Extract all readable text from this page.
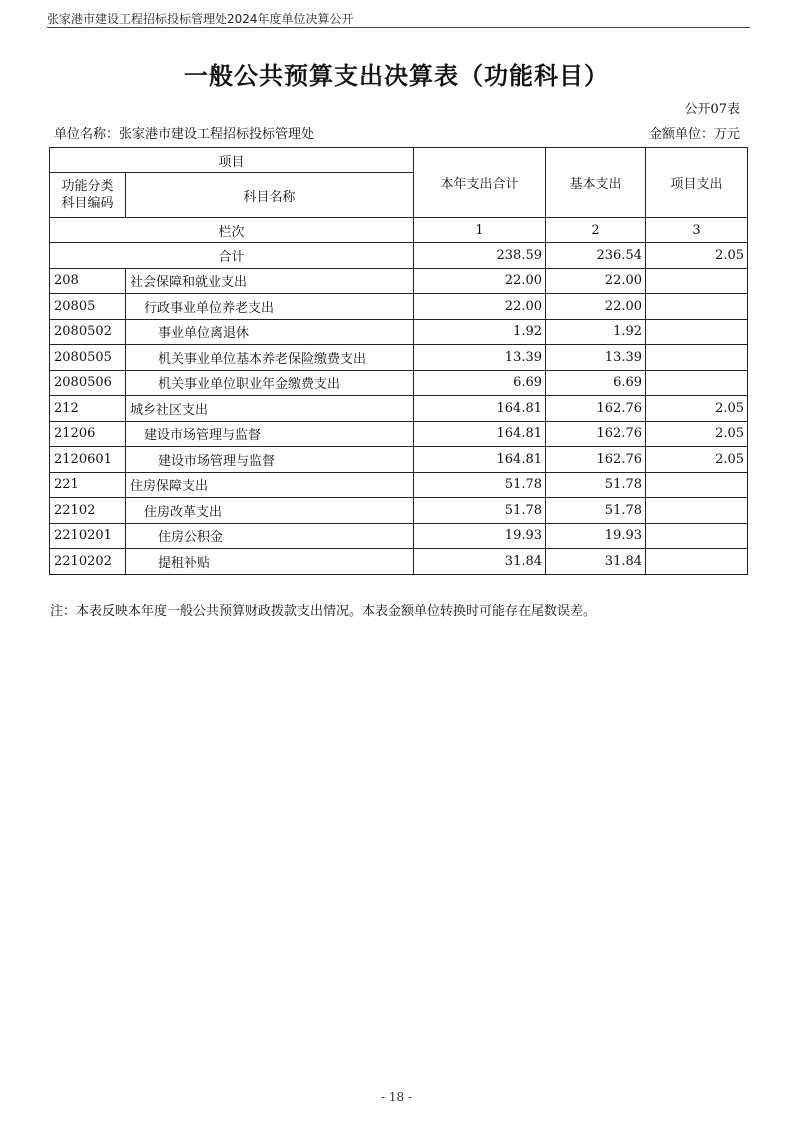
张家港市建设工程招标投标管理处2024年度单位决算公开
一般公共预算支出决算表（功能科目）
公开07表
单位名称：张家港市建设工程招标投标管理处	金额单位：万元
项目		本年支出合计	基本支出	项目支出
功能分类科目编码	科目名称			
栏次		1	2	3
合计		238.59	236.54	2.05
208	社会保障和就业支出	22.00	22.00	
20805	行政事业单位养老支出	22.00	22.00	
2080502	事业单位离退休	1.92	1.92	
2080505	机关事业单位基本养老保险缴费支出	13.39	13.39	
2080506	机关事业单位职业年金缴费支出	6.69	6.69	
212	城乡社区支出	164.81	162.76	2.05
21206	建设市场管理与监督	164.81	162.76	2.05
2120601	建设市场管理与监督	164.81	162.76	2.05
221	住房保障支出	51.78	51.78	
22102	住房改革支出	51.78	51.78	
2210201	住房公积金	19.93	19.93	
2210202	提租补贴	31.84	31.84	
注：本表反映本年度一般公共预算财政拨款支出情况。本表金额单位转换时可能存在尾数误差。
- 18 -
